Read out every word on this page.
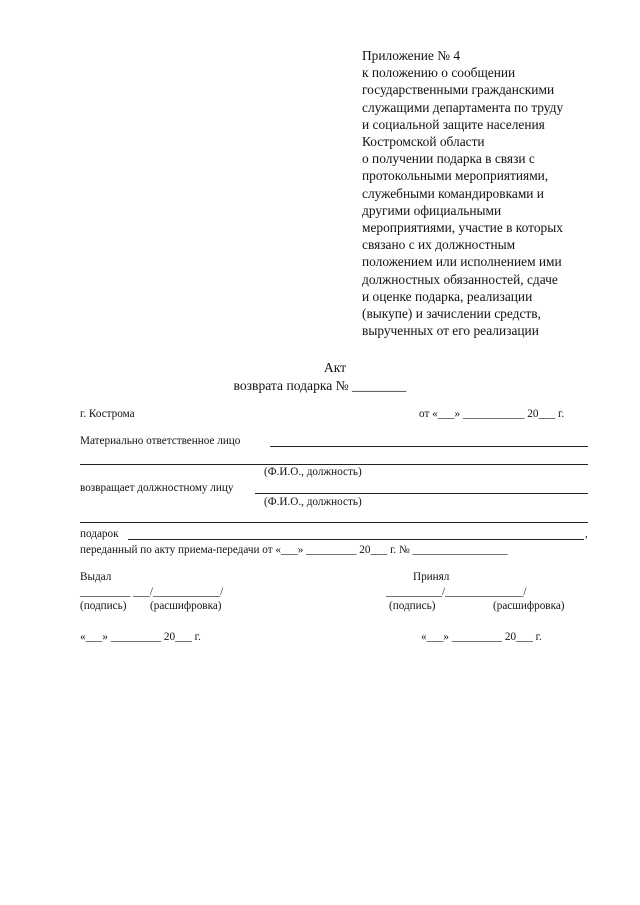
Приложение № 4
к положению о сообщении
государственными гражданскими
служащими департамента по труду
и социальной защите населения
Костромской области
о получении подарка в связи с
протокольными мероприятиями,
служебными командировками и
другими официальными
мероприятиями, участие в которых
связано с их должностным
положением или исполнением ими
должностных обязанностей, сдаче
и оценке подарка, реализации
(выкупе) и зачислении средств,
вырученных от его реализации
Акт
возврата подарка № ________
г. Кострома	от «___» ___________ 20___ г.
Материально ответственное лицо
(Ф.И.О., должность)
возвращает должностному лицу
(Ф.И.О., должность)
подарок	,
переданный по акту приема-передачи от «___» _________ 20___ г. № _________________
Выдал	Принял
_________ ___/____________/	__________/______________/
(подпись) (расшифровка)	(подпись)	(расшифровка)
«___» _________ 20___ г.	«___» _________ 20___ г.
